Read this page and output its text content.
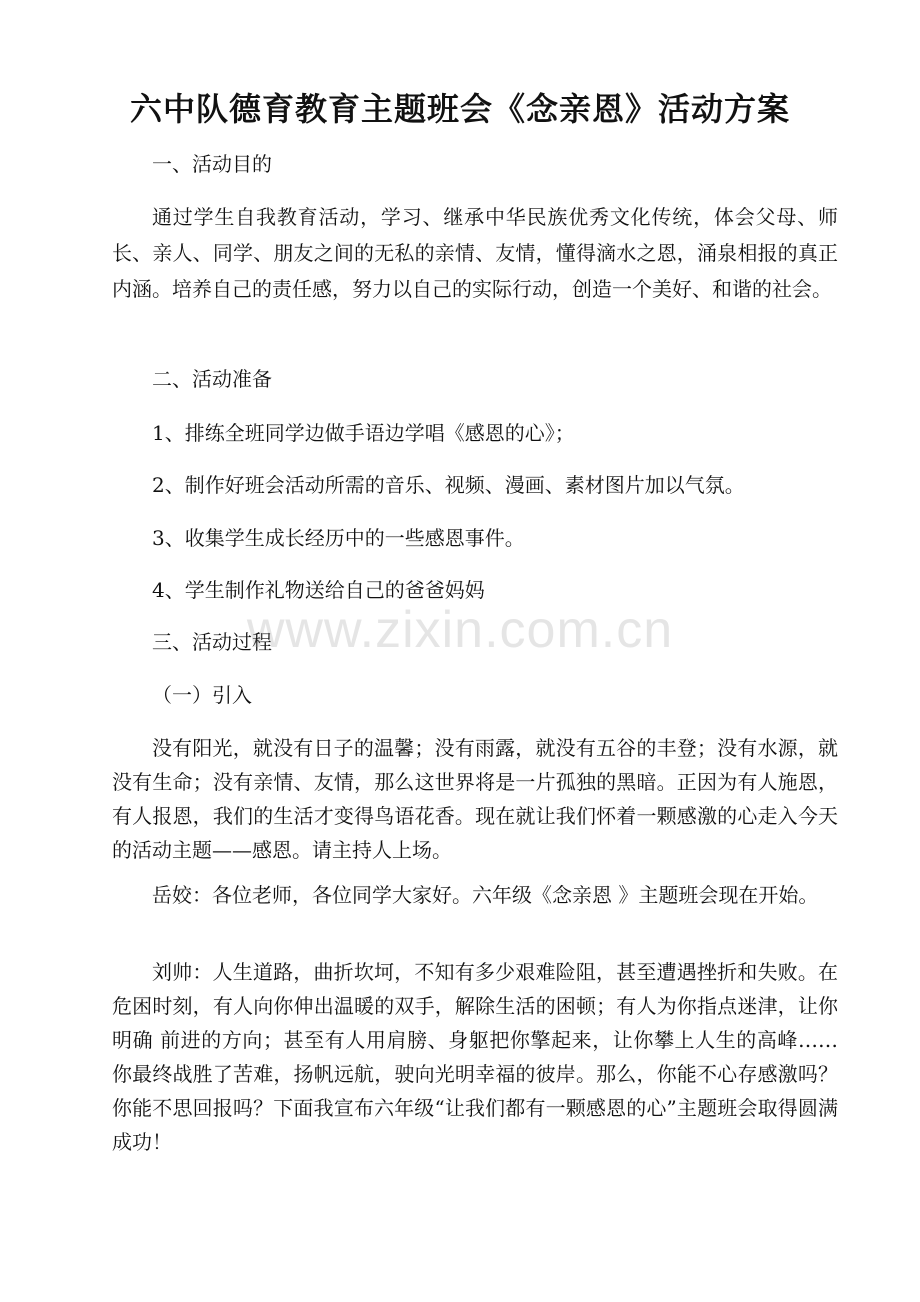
六中队德育教育主题班会《念亲恩》活动方案

一、活动目的

通过学生自我教育活动，学习、继承中华民族优秀文化传统，体会父母、师长、亲人、同学、朋友之间的无私的亲情、友情，懂得滴水之恩，涌泉相报的真正内涵。培养自己的责任感，努力以自己的实际行动，创造一个美好、和谐的社会。

二、活动准备

1、排练全班同学边做手语边学唱《感恩的心》；

2、制作好班会活动所需的音乐、视频、漫画、素材图片加以气氛。

3、收集学生成长经历中的一些感恩事件。

4、学生制作礼物送给自己的爸爸妈妈

三、活动过程

（一）引入

没有阳光，就没有日子的温馨；没有雨露，就没有五谷的丰登；没有水源，就没有生命；没有亲情、友情，那么这世界将是一片孤独的黑暗。正因为有人施恩，有人报恩，我们的生活才变得鸟语花香。现在就让我们怀着一颗感激的心走入今天的活动主题——感恩。请主持人上场。

岳姣：各位老师，各位同学大家好。六年级《念亲恩 》主题班会现在开始。

刘帅：人生道路，曲折坎坷，不知有多少艰难险阻，甚至遭遇挫折和失败。在危困时刻，有人向你伸出温暖的双手，解除生活的困顿；有人为你指点迷津，让你明确 前进的方向；甚至有人用肩膀、身躯把你擎起来，让你攀上人生的高峰……你最终战胜了苦难，扬帆远航，驶向光明幸福的彼岸。那么，你能不心存感激吗？你能不思回报吗？下面我宣布六年级“让我们都有一颗感恩的心”主题班会取得圆满成功！

www.zixin.com.cn
